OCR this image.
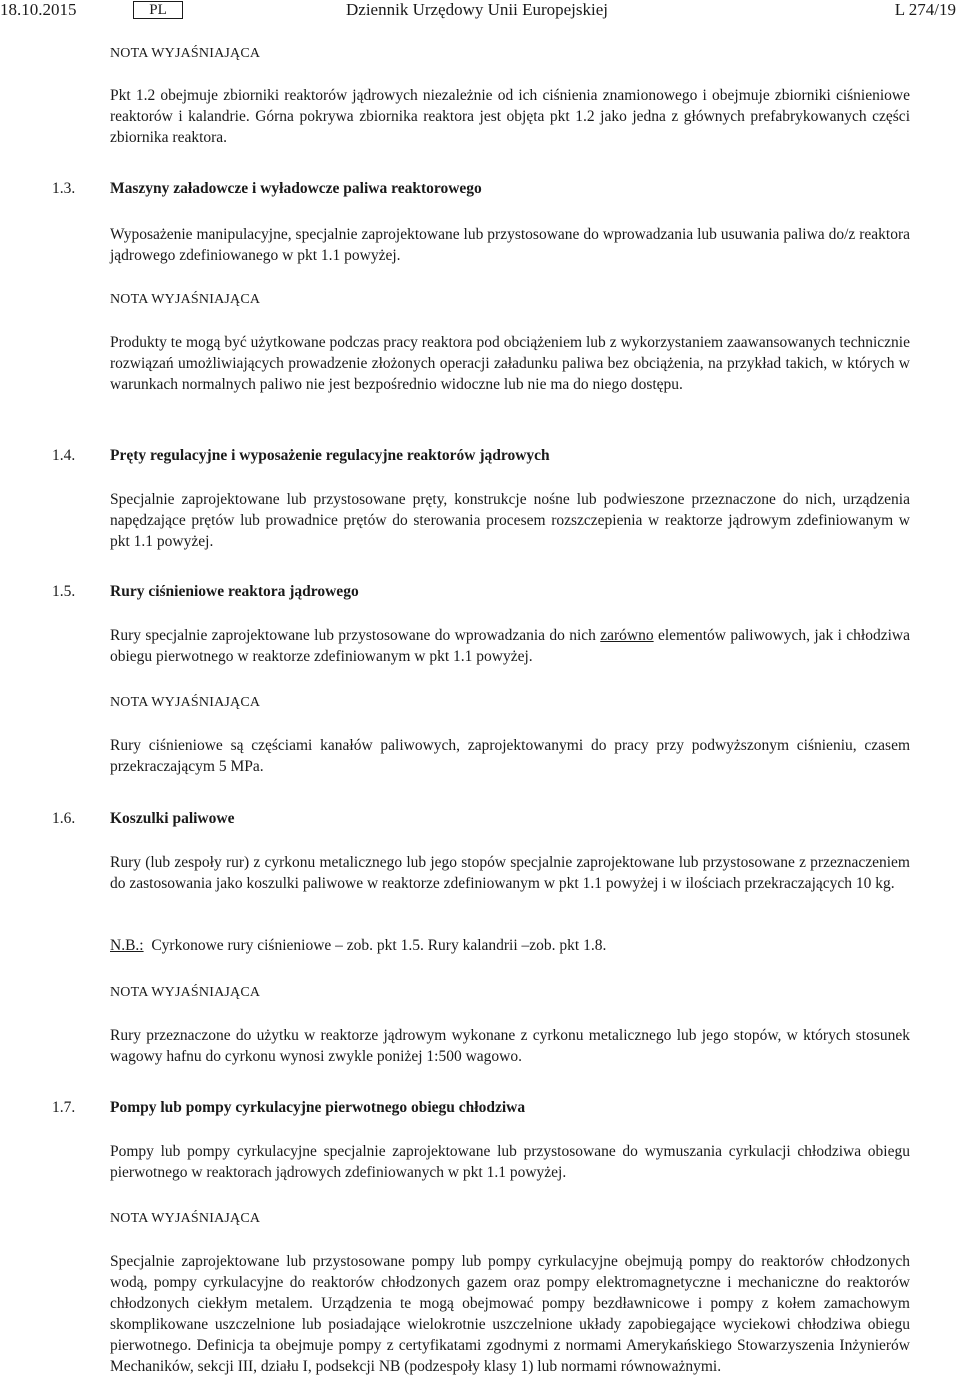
18.10.2015	PL	Dziennik Urzędowy Unii Europejskiej	L 274/19
NOTA WYJAŚNIAJĄCA
Pkt 1.2 obejmuje zbiorniki reaktorów jądrowych niezależnie od ich ciśnienia znamionowego i obejmuje zbiorniki ciśnieniowe reaktorów i kalandrie. Górna pokrywa zbiornika reaktora jest objęta pkt 1.2 jako jedna z głównych prefabrykowanych części zbiornika reaktora.
1.3. Maszyny załadowcze i wyładowcze paliwa reaktorowego
Wyposażenie manipulacyjne, specjalnie zaprojektowane lub przystosowane do wprowadzania lub usuwania paliwa do/z reaktora jądrowego zdefiniowanego w pkt 1.1 powyżej.
NOTA WYJAŚNIAJĄCA
Produkty te mogą być użytkowane podczas pracy reaktora pod obciążeniem lub z wykorzystaniem zaawansowanych technicznie rozwiązań umożliwiających prowadzenie złożonych operacji załadunku paliwa bez obciążenia, na przykład takich, w których w warunkach normalnych paliwo nie jest bezpośrednio widoczne lub nie ma do niego dostępu.
1.4. Pręty regulacyjne i wyposażenie regulacyjne reaktorów jądrowych
Specjalnie zaprojektowane lub przystosowane pręty, konstrukcje nośne lub podwieszone przeznaczone do nich, urządzenia napędzające prętów lub prowadnice prętów do sterowania procesem rozszczepienia w reaktorze jądrowym zdefiniowanym w pkt 1.1 powyżej.
1.5. Rury ciśnieniowe reaktora jądrowego
Rury specjalnie zaprojektowane lub przystosowane do wprowadzania do nich zarówno elementów paliwowych, jak i chłodziwa obiegu pierwotnego w reaktorze zdefiniowanym w pkt 1.1 powyżej.
NOTA WYJAŚNIAJĄCA
Rury ciśnieniowe są częściami kanałów paliwowych, zaprojektowanymi do pracy przy podwyższonym ciśnieniu, czasem przekraczającym 5 MPa.
1.6. Koszulki paliwowe
Rury (lub zespoły rur) z cyrkonu metalicznego lub jego stopów specjalnie zaprojektowane lub przystosowane z przeznaczeniem do zastosowania jako koszulki paliwowe w reaktorze zdefiniowanym w pkt 1.1 powyżej i w ilościach przekraczających 10 kg.
N.B.: Cyrkonowe rury ciśnieniowe – zob. pkt 1.5. Rury kalandrii –zob. pkt 1.8.
NOTA WYJAŚNIAJĄCA
Rury przeznaczone do użytku w reaktorze jądrowym wykonane z cyrkonu metalicznego lub jego stopów, w których stosunek wagowy hafnu do cyrkonu wynosi zwykle poniżej 1:500 wagowo.
1.7. Pompy lub pompy cyrkulacyjne pierwotnego obiegu chłodziwa
Pompy lub pompy cyrkulacyjne specjalnie zaprojektowane lub przystosowane do wymuszania cyrkulacji chłodziwa obiegu pierwotnego w reaktorach jądrowych zdefiniowanych w pkt 1.1 powyżej.
NOTA WYJAŚNIAJĄCA
Specjalnie zaprojektowane lub przystosowane pompy lub pompy cyrkulacyjne obejmują pompy do reaktorów chłodzonych wodą, pompy cyrkulacyjne do reaktorów chłodzonych gazem oraz pompy elektromagnetyczne i mechaniczne do reaktorów chłodzonych ciekłym metalem. Urządzenia te mogą obejmować pompy bezdławnicowe i pompy z kołem zamachowym skomplikowane uszczelnione lub posiadające wielokrotnie uszczelnione układy zapobiegające wyciekowi chłodziwa obiegu pierwotnego. Definicja ta obejmuje pompy z certyfikatami zgodnymi z normami Amerykańskiego Stowarzyszenia Inżynierów Mechaników, sekcji III, działu I, podsekcji NB (podzespoły klasy 1) lub normami równoważnymi.
